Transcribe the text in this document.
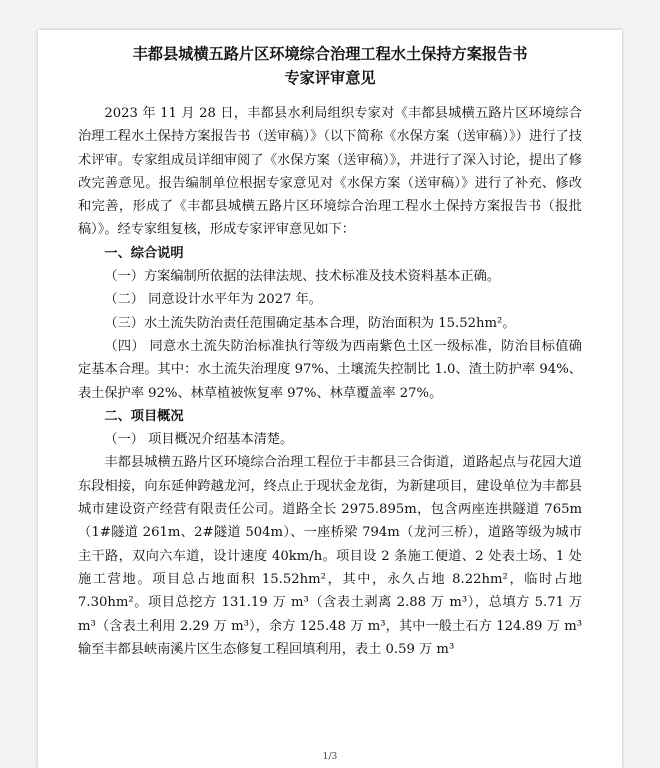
丰都县城横五路片区环境综合治理工程水土保持方案报告书

专家评审意见

2023 年 11 月 28 日，丰都县水利局组织专家对《丰都县城横五路片区环境综合治理工程水土保持方案报告书（送审稿）》（以下简称《水保方案（送审稿）》）进行了技术评审。专家组成员详细审阅了《水保方案（送审稿）》，并进行了深入讨论，提出了修改完善意见。报告编制单位根据专家意见对《水保方案（送审稿）》进行了补充、修改和完善，形成了《丰都县城横五路片区环境综合治理工程水土保持方案报告书（报批稿）》。经专家组复核，形成专家评审意见如下：

一、综合说明

（一）方案编制所依据的法律法规、技术标准及技术资料基本正确。

（二） 同意设计水平年为 2027 年。

（三）水土流失防治责任范围确定基本合理，防治面积为 15.52hm²。

（四） 同意水土流失防治标准执行等级为西南紫色土区一级标准，防治目标值确定基本合理。其中：水土流失治理度 97%、土壤流失控制比 1.0、渣土防护率 94%、表土保护率 92%、林草植被恢复率 97%、林草覆盖率 27%。

二、项目概况

（一） 项目概况介绍基本清楚。

丰都县城横五路片区环境综合治理工程位于丰都县三合街道，道路起点与花园大道东段相接，向东延伸跨越龙河，终点止于现状金龙街，为新建项目，建设单位为丰都县城市建设资产经营有限责任公司。道路全长 2975.895m，包含两座连拱隧道 765m（1#隧道 261m、2#隧道 504m）、一座桥梁 794m（龙河三桥），道路等级为城市主干路，双向六车道，设计速度 40km/h。项目设 2 条施工便道、2 处表土场、1 处施工营地。项目总占地面积 15.52hm²，其中，永久占地 8.22hm²，临时占地 7.30hm²。项目总挖方 131.19 万 m³（含表土剥离 2.88 万 m³），总填方 5.71 万 m³（含表土利用 2.29 万 m³），余方 125.48 万 m³，其中一般土石方 124.89 万 m³ 输至丰都县峡南溪片区生态修复工程回填利用，表土 0.59 万 m³

1/3
